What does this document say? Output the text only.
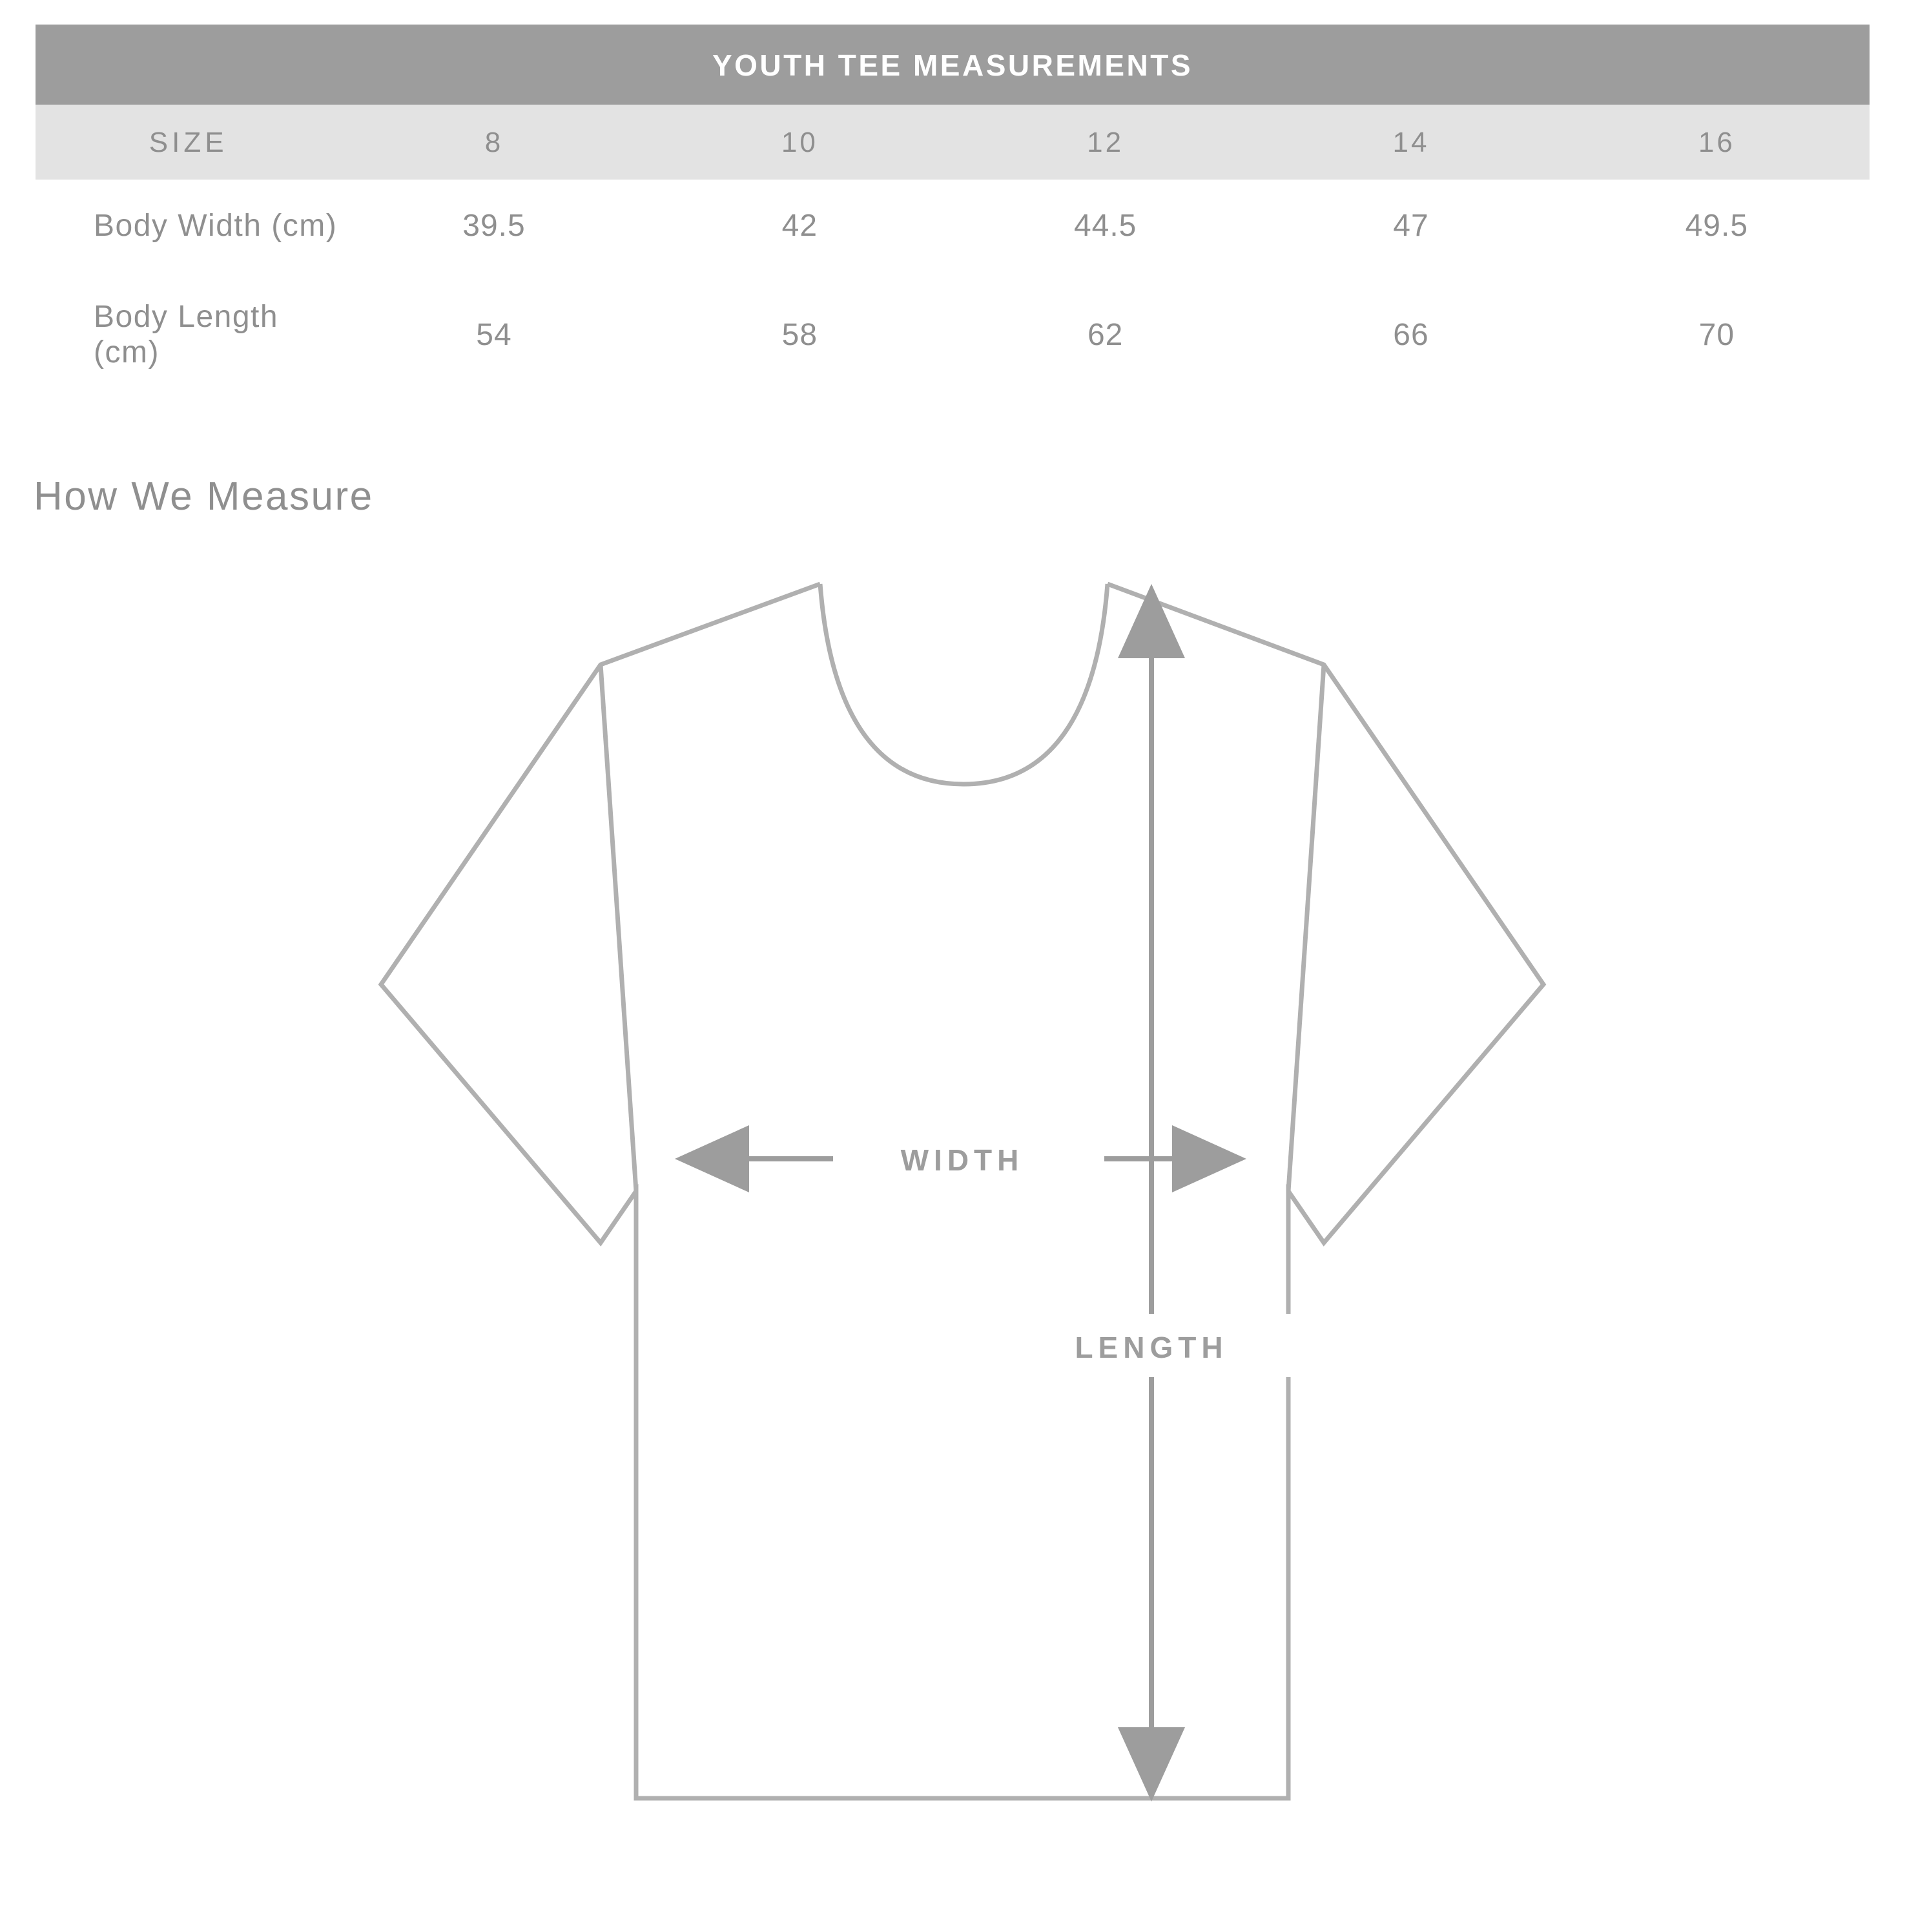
YOUTH TEE MEASUREMENTS					
SIZE	8	10	12	14	16
Body Width (cm)	39.5	42	44.5	47	49.5
Body Length (cm)	54	58	62	66	70
How We Measure
WIDTH
LENGTH
